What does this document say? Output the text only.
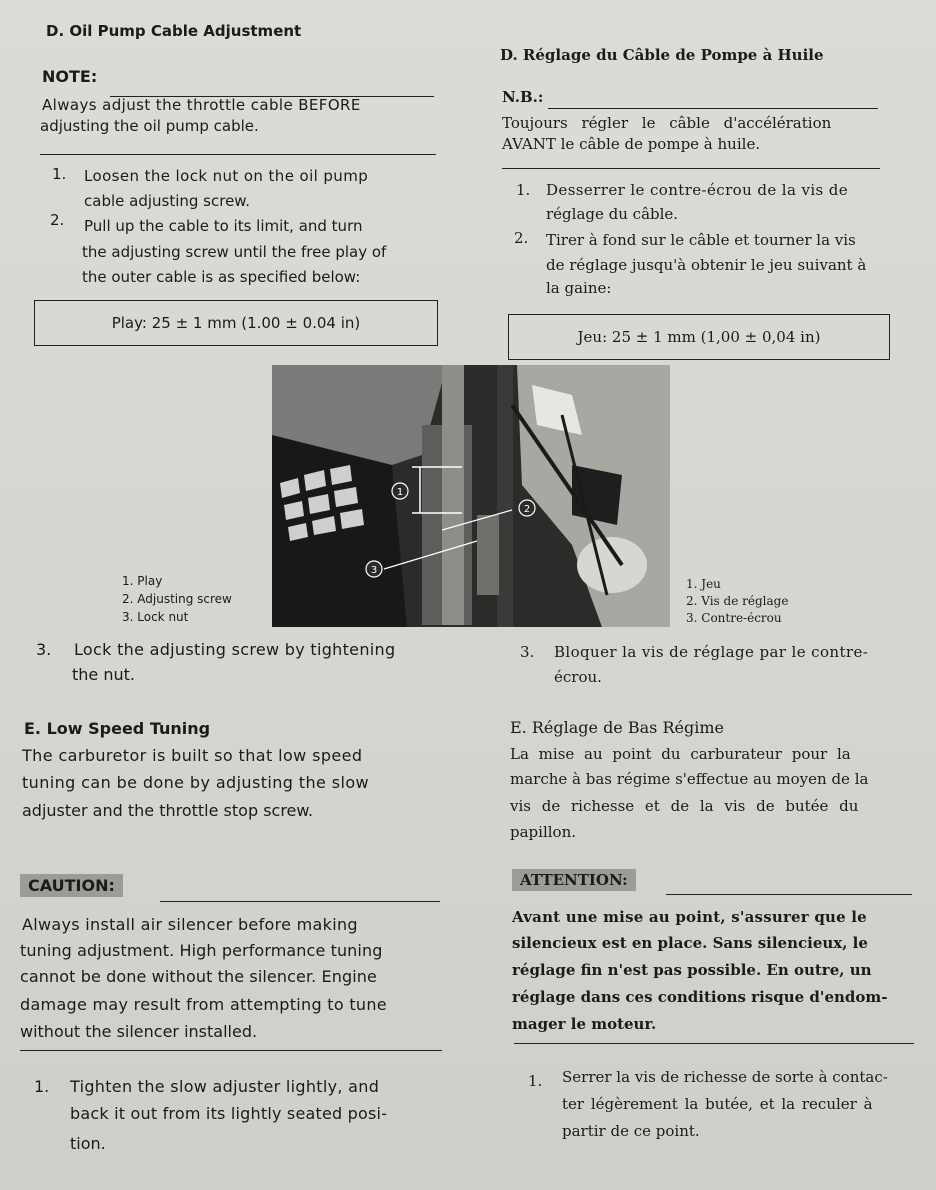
D. Oil Pump Cable Adjustment
NOTE:
Always adjust the throttle cable BEFORE
adjusting the oil pump cable.
1. Loosen the lock nut on the oil pump
cable adjusting screw.
2. Pull up the cable to its limit, and turn
the adjusting screw until the free play of
the outer cable is as specified below:
Play: 25 ± 1 mm (1.00 ± 0.04 in)
1. Play
2. Adjusting screw
3. Lock nut
3. Lock the adjusting screw by tightening
the nut.
E. Low Speed Tuning
The carburetor is built so that low speed
tuning can be done by adjusting the slow
adjuster and the throttle stop screw.
CAUTION:
Always install air silencer before making
tuning adjustment. High performance tuning
cannot be done without the silencer. Engine
damage may result from attempting to tune
without the silencer installed.
1. Tighten the slow adjuster lightly, and
back it out from its lightly seated posi-
tion.
D. Réglage du Câble de Pompe à Huile
N.B.:
Toujours régler le câble d'accélération
AVANT le câble de pompe à huile.
1. Desserrer le contre-écrou de la vis de
réglage du câble.
2. Tirer à fond sur le câble et tourner la vis
de réglage jusqu'à obtenir le jeu suivant à
la gaine:
Jeu: 25 ± 1 mm (1,00 ± 0,04 in)
1. Jeu
2. Vis de réglage
3. Contre-écrou
3. Bloquer la vis de réglage par le contre-
écrou.
E. Réglage de Bas Régime
La mise au point du carburateur pour la
marche à bas régime s'effectue au moyen de la
vis de richesse et de la vis de butée du
papillon.
ATTENTION:
Avant une mise au point, s'assurer que le
silencieux est en place. Sans silencieux, le
réglage fin n'est pas possible. En outre, un
réglage dans ces conditions risque d'endom-
mager le moteur.
1. Serrer la vis de richesse de sorte à contac-
ter légèrement la butée, et la reculer à
partir de ce point.
1
2
3
